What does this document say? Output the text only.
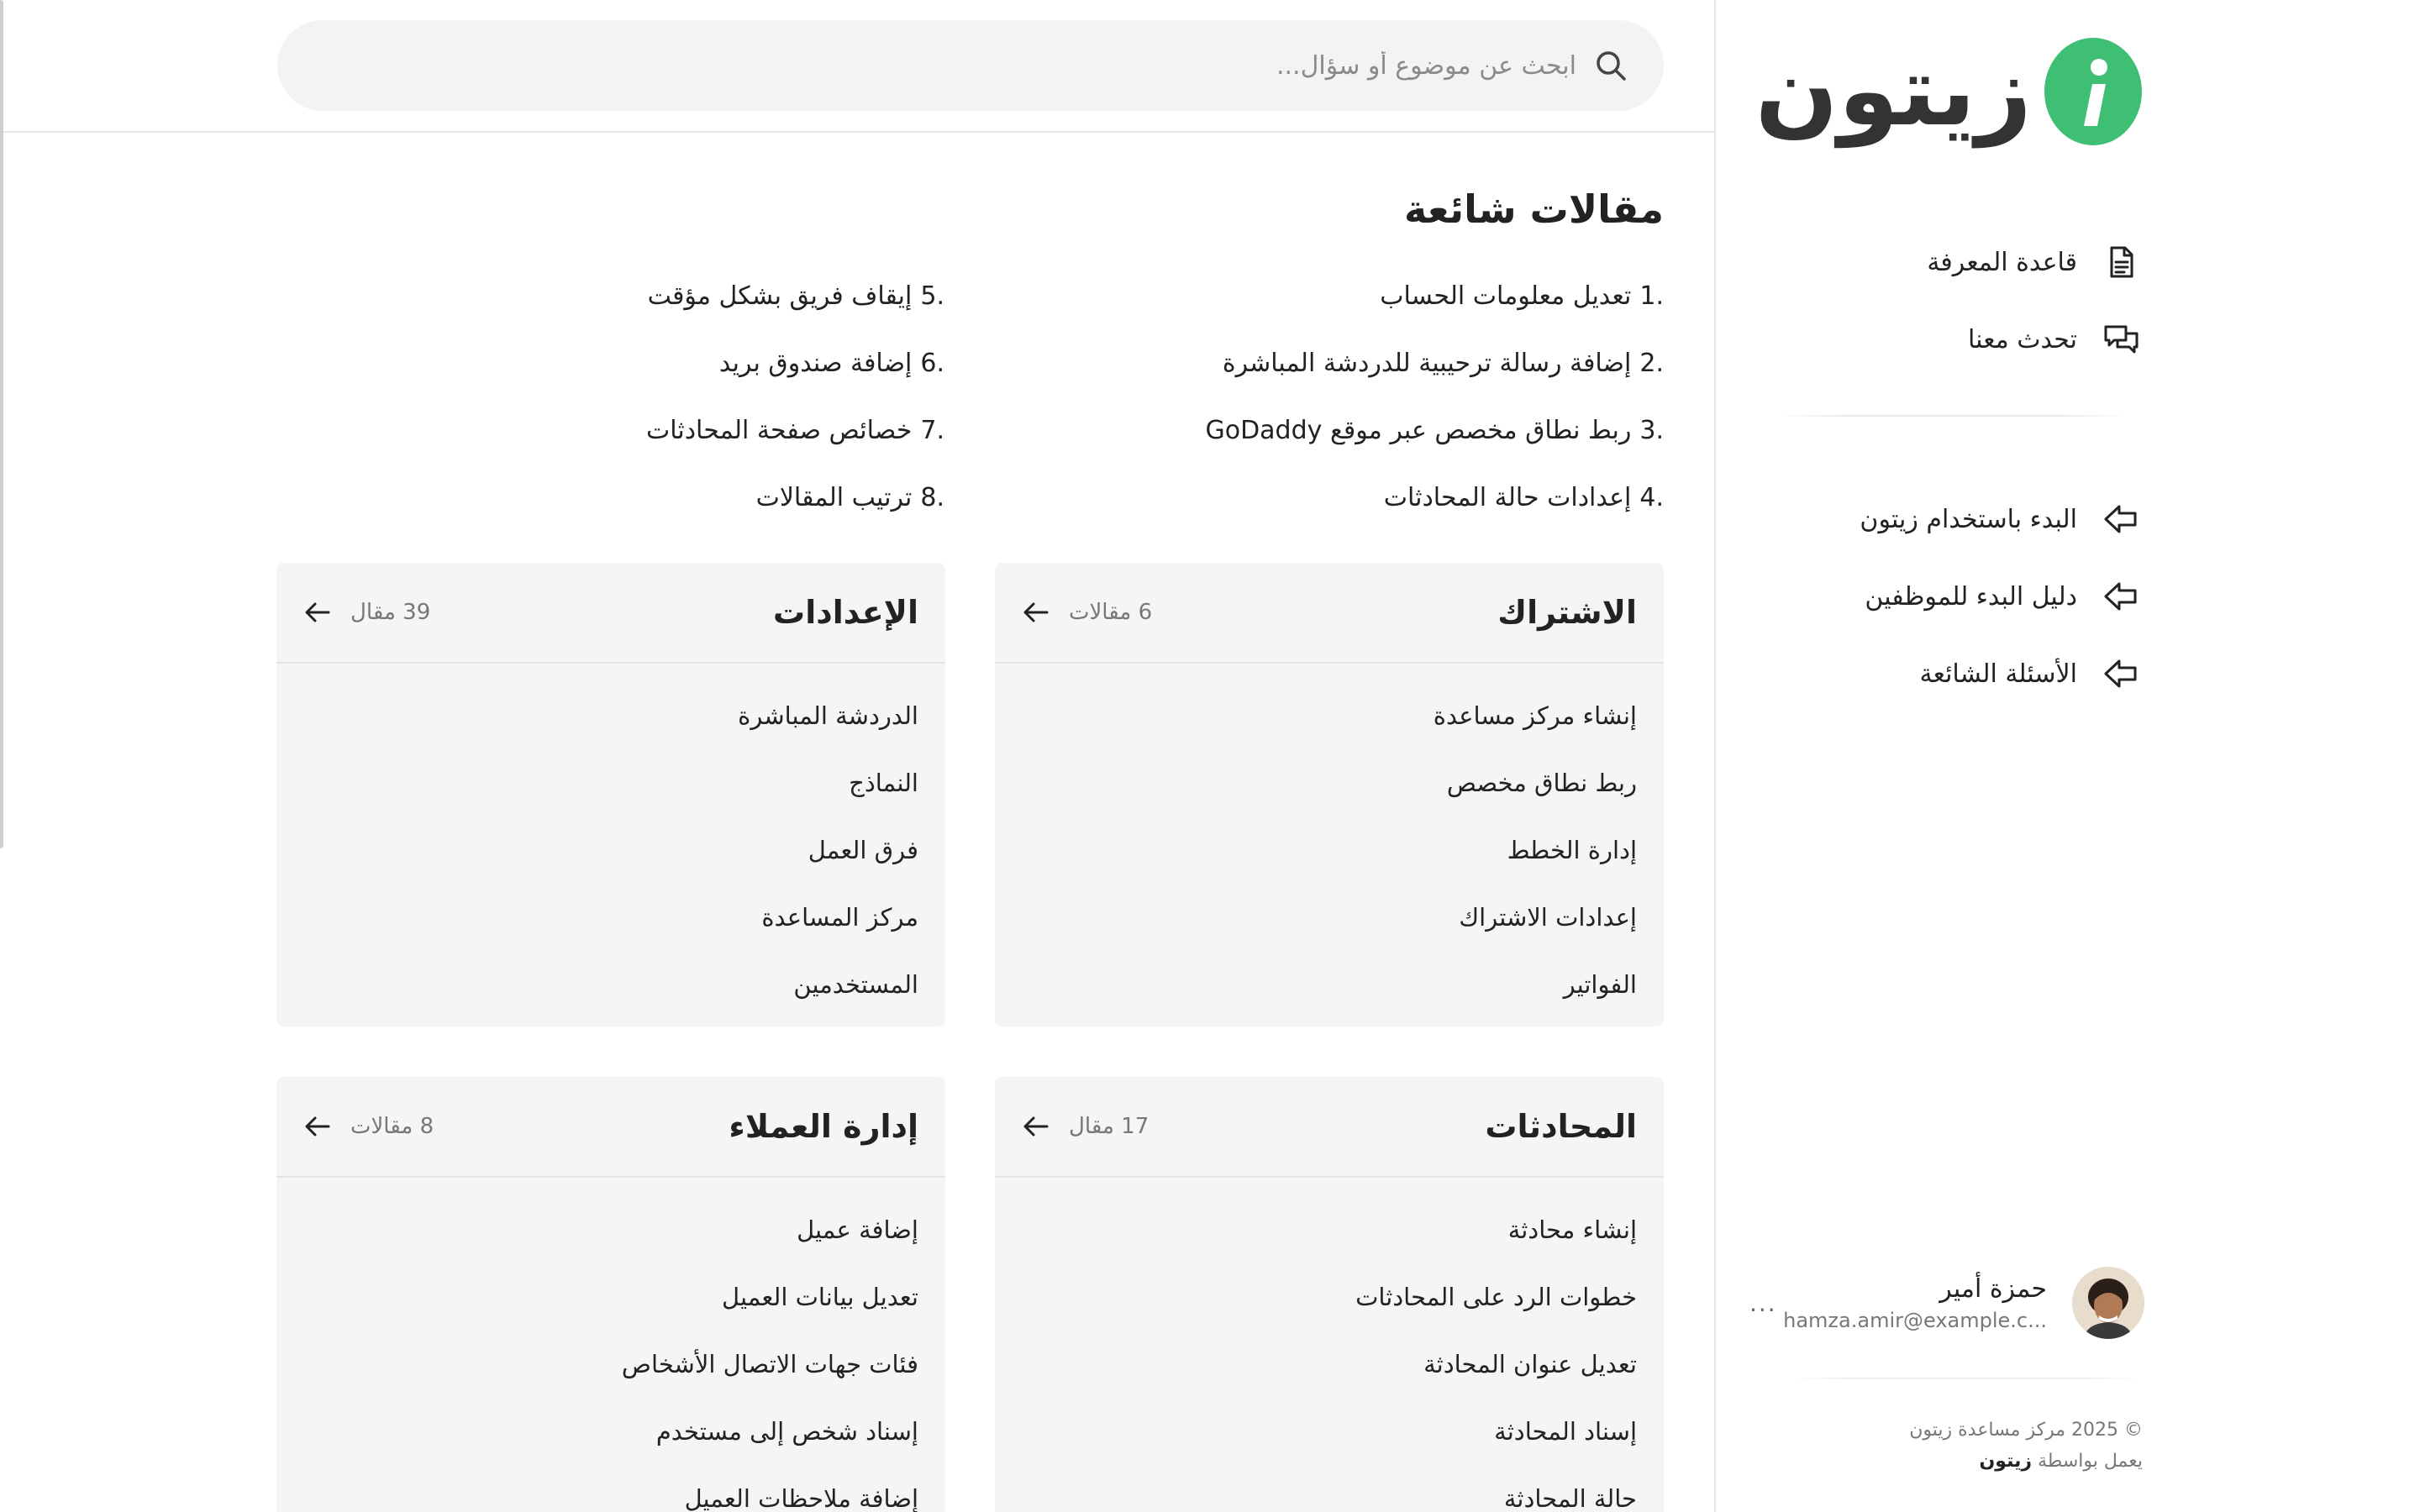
زيتون
قاعدة المعرفة
تحدث معنا
البدء باستخدام زيتون
دليل البدء للموظفين
الأسئلة الشائعة
حمزة أمير
hamza.amir@example.c...
...
© 2025 مركز مساعدة زيتون
يعمل بواسطة زيتون
ابحث عن موضوع أو سؤال...
مقالات شائعة
1.
تعديل معلومات الحساب
2.
إضافة رسالة ترحيبية للدردشة المباشرة
3.
ربط نطاق مخصص عبر موقع GoDaddy
4.
إعدادات حالة المحادثات
5.
إيقاف فريق بشكل مؤقت
6.
إضافة صندوق بريد
7.
خصائص صفحة المحادثات
8.
ترتيب المقالات
الاشتراك
6 مقالات
إنشاء مركز مساعدة
ربط نطاق مخصص
إدارة الخطط
إعدادات الاشتراك
الفواتير
الإعدادات
39 مقال
الدردشة المباشرة
النماذج
فرق العمل
مركز المساعدة
المستخدمين
المحادثات
17 مقال
إنشاء محادثة
خطوات الرد على المحادثات
تعديل عنوان المحادثة
إسناد المحادثة
حالة المحادثة
إدارة العملاء
8 مقالات
إضافة عميل
تعديل بيانات العميل
فئات جهات الاتصال الأشخاص
إسناد شخص إلى مستخدم
إضافة ملاحظات العميل
